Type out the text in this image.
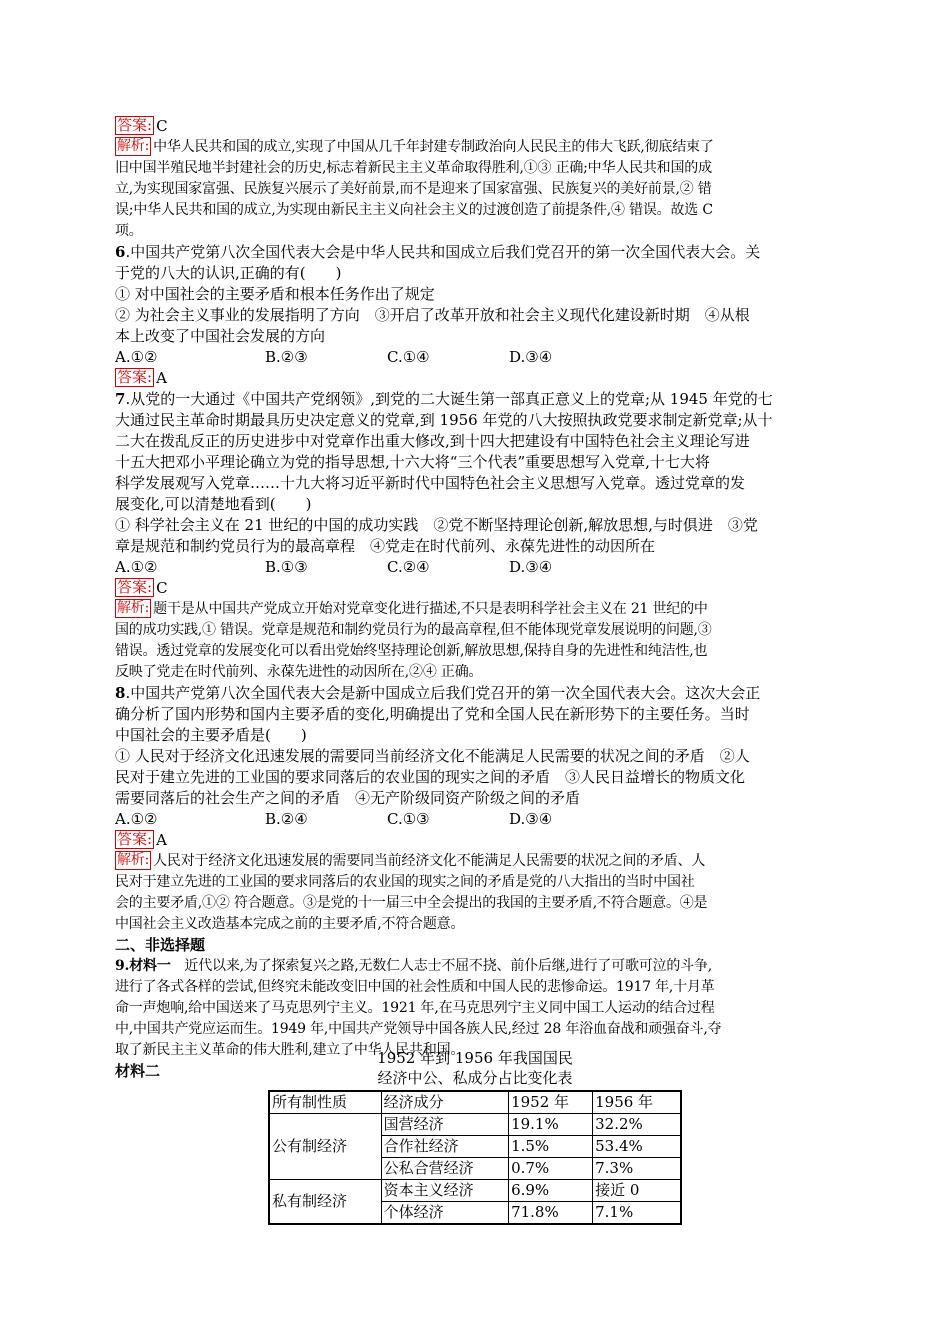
答案: C
解析: 中华人民共和国的成立,实现了中国从几千年封建专制政治向人民民主的伟大飞跃,彻底结束了
旧中国半殖民地半封建社会的历史,标志着新民主主义革命取得胜利,①③ 正确;中华人民共和国的成
立,为实现国家富强、民族复兴展示了美好前景,而不是迎来了国家富强、民族复兴的美好前景,② 错
误;中华人民共和国的成立,为实现由新民主主义向社会主义的过渡创造了前提条件,④ 错误。故选 C
项。
6.中国共产党第八次全国代表大会是中华人民共和国成立后我们党召开的第一次全国代表大会。关
于党的八大的认识,正确的有(　　)
① 对中国社会的主要矛盾和根本任务作出了规定
② 为社会主义事业的发展指明了方向　③开启了改革开放和社会主义现代化建设新时期　④从根
本上改变了中国社会发展的方向
A.①②	B.②③	C.①④	D.③④
答案: A
7.从党的一大通过《中国共产党纲领》,到党的二大诞生第一部真正意义上的党章;从 1945 年党的七
大通过民主革命时期最具历史决定意义的党章,到 1956 年党的八大按照执政党要求制定新党章;从十
二大在拨乱反正的历史进步中对党章作出重大修改,到十四大把建设有中国特色社会主义理论写进
十五大把邓小平理论确立为党的指导思想,十六大将“三个代表”重要思想写入党章,十七大将
科学发展观写入党章……十九大将习近平新时代中国特色社会主义思想写入党章。透过党章的发
展变化,可以清楚地看到(　　)
① 科学社会主义在 21 世纪的中国的成功实践　②党不断坚持理论创新,解放思想,与时俱进　③党
章是规范和制约党员行为的最高章程　④党走在时代前列、永葆先进性的动因所在
A.①②	B.①③	C.②④	D.③④
答案: C
解析: 题干是从中国共产党成立开始对党章变化进行描述,不只是表明科学社会主义在 21 世纪的中
国的成功实践,① 错误。党章是规范和制约党员行为的最高章程,但不能体现党章发展说明的问题,③
错误。透过党章的发展变化可以看出党始终坚持理论创新,解放思想,保持自身的先进性和纯洁性,也
反映了党走在时代前列、永葆先进性的动因所在,②④ 正确。
8.中国共产党第八次全国代表大会是新中国成立后我们党召开的第一次全国代表大会。这次大会正
确分析了国内形势和国内主要矛盾的变化,明确提出了党和全国人民在新形势下的主要任务。当时
中国社会的主要矛盾是(　　)
① 人民对于经济文化迅速发展的需要同当前经济文化不能满足人民需要的状况之间的矛盾　②人
民对于建立先进的工业国的要求同落后的农业国的现实之间的矛盾　③人民日益增长的物质文化
需要同落后的社会生产之间的矛盾　④无产阶级同资产阶级之间的矛盾
A.①②	B.②④	C.①③	D.③④
答案: A
解析: 人民对于经济文化迅速发展的需要同当前经济文化不能满足人民需要的状况之间的矛盾、人
民对于建立先进的工业国的要求同落后的农业国的现实之间的矛盾是党的八大指出的当时中国社
会的主要矛盾,①② 符合题意。③是党的十一届三中全会提出的我国的主要矛盾,不符合题意。④是
中国社会主义改造基本完成之前的主要矛盾,不符合题意。
二、非选择题
9.材料一　近代以来,为了探索复兴之路,无数仁人志士不屈不挠、前仆后继,进行了可歌可泣的斗争,
进行了各式各样的尝试,但终究未能改变旧中国的社会性质和中国人民的悲惨命运。1917 年,十月革
命一声炮响,给中国送来了马克思列宁主义。1921 年,在马克思列宁主义同中国工人运动的结合过程
中,中国共产党应运而生。1949 年,中国共产党领导中国各族人民,经过 28 年浴血奋战和顽强奋斗,夺
取了新民主主义革命的伟大胜利,建立了中华人民共和国。
材料二
1952 年到 1956 年我国国民
经济中公、私成分占比变化表
所有制性质	经济成分	1952 年	1956 年
公有制经济	国营经济	19.1%	32.2%
	合作社经济	1.5%	53.4%
	公私合营经济	0.7%	7.3%
私有制经济	资本主义经济	6.9%	接近 0
	个体经济	71.8%	7.1%
